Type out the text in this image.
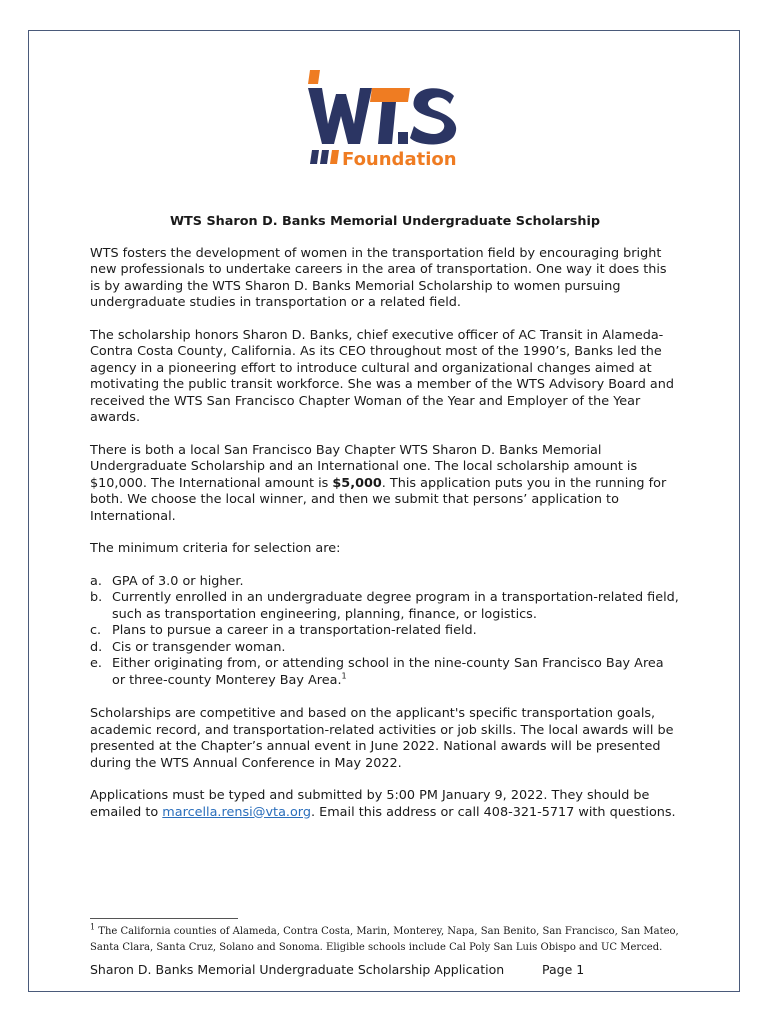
Foundation
WTS Sharon D. Banks Memorial Undergraduate Scholarship

WTS fosters the development of women in the transportation field by encouraging bright new professionals to undertake careers in the area of transportation. One way it does this is by awarding the WTS Sharon D. Banks Memorial Scholarship to women pursuing undergraduate studies in transportation or a related field.

The scholarship honors Sharon D. Banks, chief executive officer of AC Transit in Alameda-Contra Costa County, California. As its CEO throughout most of the 1990’s, Banks led the agency in a pioneering effort to introduce cultural and organizational changes aimed at motivating the public transit workforce. She was a member of the WTS Advisory Board and received the WTS San Francisco Chapter Woman of the Year and Employer of the Year awards.

There is both a local San Francisco Bay Chapter WTS Sharon D. Banks Memorial Undergraduate Scholarship and an International one. The local scholarship amount is $10,000. The International amount is $5,000. This application puts you in the running for both. We choose the local winner, and then we submit that persons’ application to International.

The minimum criteria for selection are:

a. GPA of 3.0 or higher.
b. Currently enrolled in an undergraduate degree program in a transportation-related field, such as transportation engineering, planning, finance, or logistics.
c. Plans to pursue a career in a transportation-related field.
d. Cis or transgender woman.
e. Either originating from, or attending school in the nine-county San Francisco Bay Area or three-county Monterey Bay Area.$^1$

Scholarships are competitive and based on the applicant's specific transportation goals, academic record, and transportation-related activities or job skills. The local awards will be presented at the Chapter’s annual event in June 2022. National awards will be presented during the WTS Annual Conference in May 2022.

Applications must be typed and submitted by 5:00 PM January 9, 2022. They should be emailed to marcella.rensi@vta.org. Email this address or call 408-321-5717 with questions.

$^1$ The California counties of Alameda, Contra Costa, Marin, Monterey, Napa, San Benito, San Francisco, San Mateo, Santa Clara, Santa Cruz, Solano and Sonoma. Eligible schools include Cal Poly San Luis Obispo and UC Merced.
Sharon D. Banks Memorial Undergraduate Scholarship Application	Page 1
